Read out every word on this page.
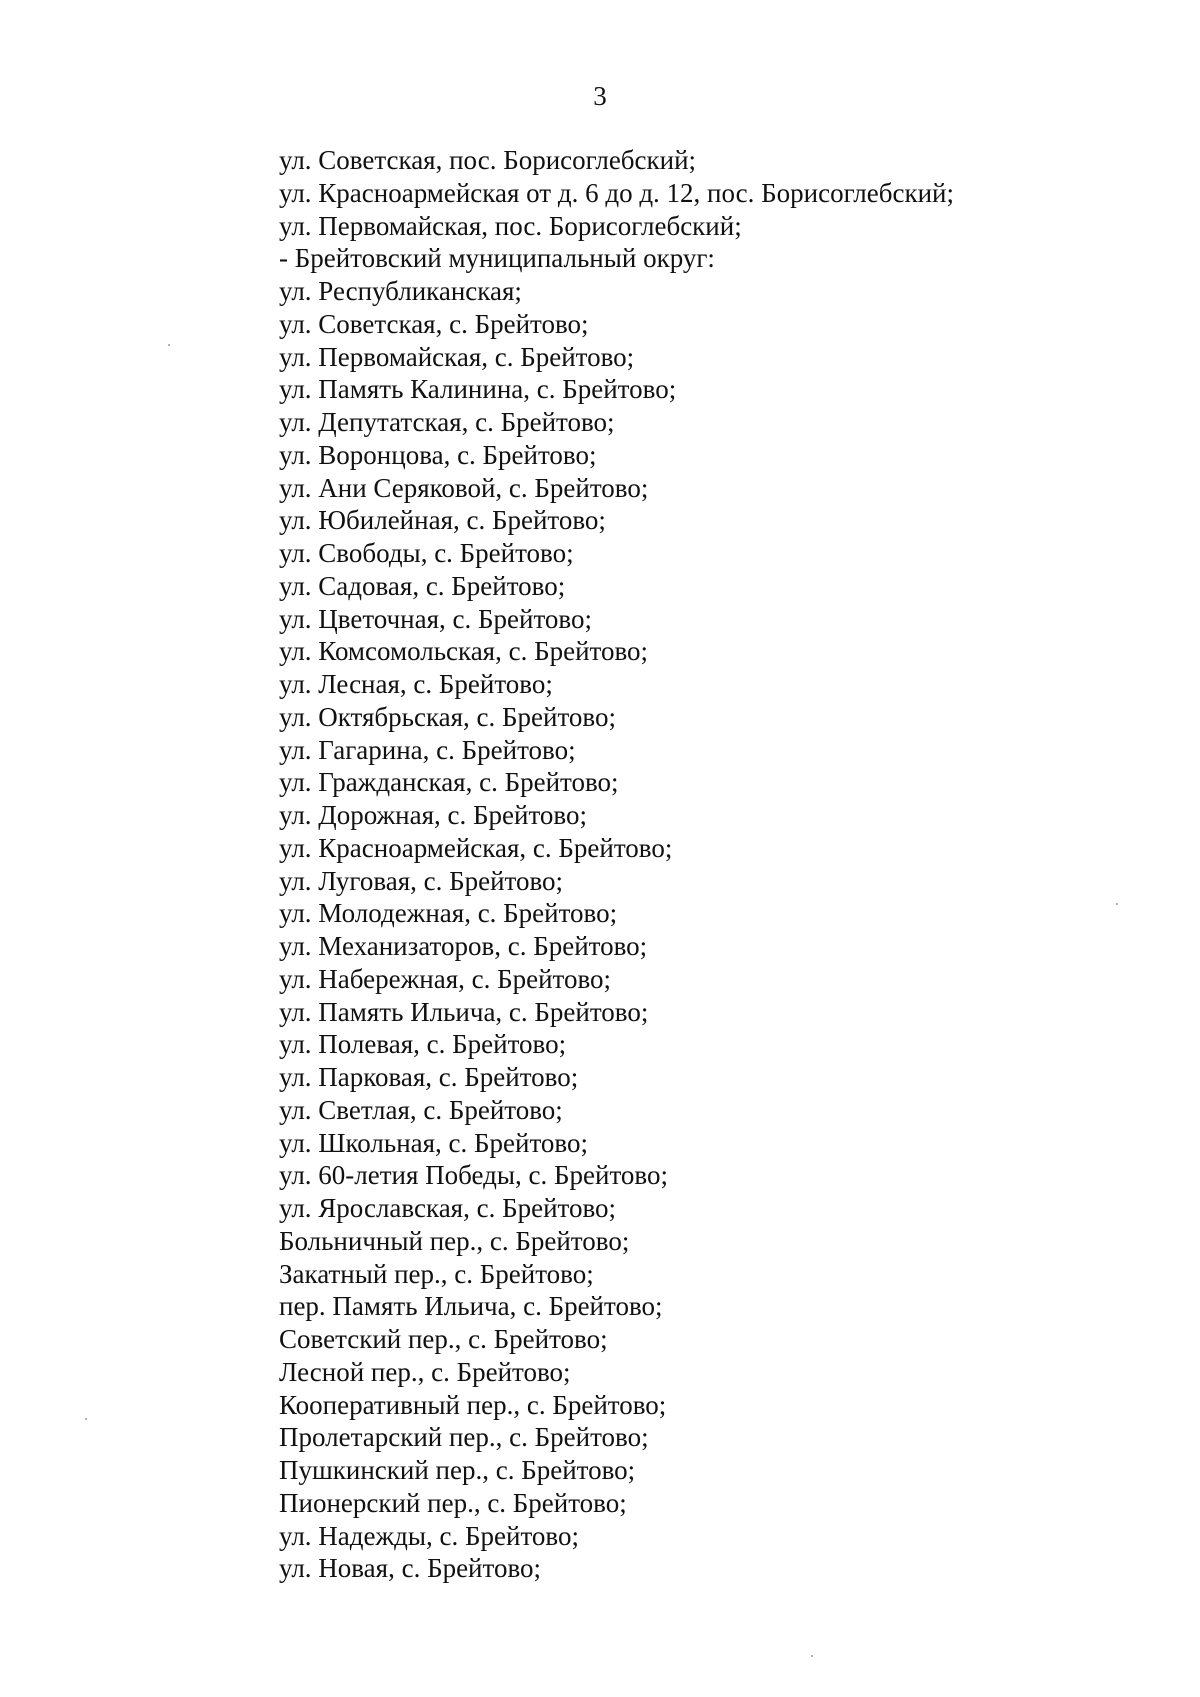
3
ул. Советская, пос. Борисоглебский;
ул. Красноармейская от д. 6 до д. 12, пос. Борисоглебский;
ул. Первомайская, пос. Борисоглебский;
- Брейтовский муниципальный округ:
ул. Республиканская;
ул. Советская, с. Брейтово;
ул. Первомайская, с. Брейтово;
ул. Память Калинина, с. Брейтово;
ул. Депутатская, с. Брейтово;
ул. Воронцова, с. Брейтово;
ул. Ани Серяковой, с. Брейтово;
ул. Юбилейная, с. Брейтово;
ул. Свободы, с. Брейтово;
ул. Садовая, с. Брейтово;
ул. Цветочная, с. Брейтово;
ул. Комсомольская, с. Брейтово;
ул. Лесная, с. Брейтово;
ул. Октябрьская, с. Брейтово;
ул. Гагарина, с. Брейтово;
ул. Гражданская, с. Брейтово;
ул. Дорожная, с. Брейтово;
ул. Красноармейская, с. Брейтово;
ул. Луговая, с. Брейтово;
ул. Молодежная, с. Брейтово;
ул. Механизаторов, с. Брейтово;
ул. Набережная, с. Брейтово;
ул. Память Ильича, с. Брейтово;
ул. Полевая, с. Брейтово;
ул. Парковая, с. Брейтово;
ул. Светлая, с. Брейтово;
ул. Школьная, с. Брейтово;
ул. 60-летия Победы, с. Брейтово;
ул. Ярославская, с. Брейтово;
Больничный пер., с. Брейтово;
Закатный пер., с. Брейтово;
пер. Память Ильича, с. Брейтово;
Советский пер., с. Брейтово;
Лесной пер., с. Брейтово;
Кооперативный пер., с. Брейтово;
Пролетарский пер., с. Брейтово;
Пушкинский пер., с. Брейтово;
Пионерский пер., с. Брейтово;
ул. Надежды, с. Брейтово;
ул. Новая, с. Брейтово;
